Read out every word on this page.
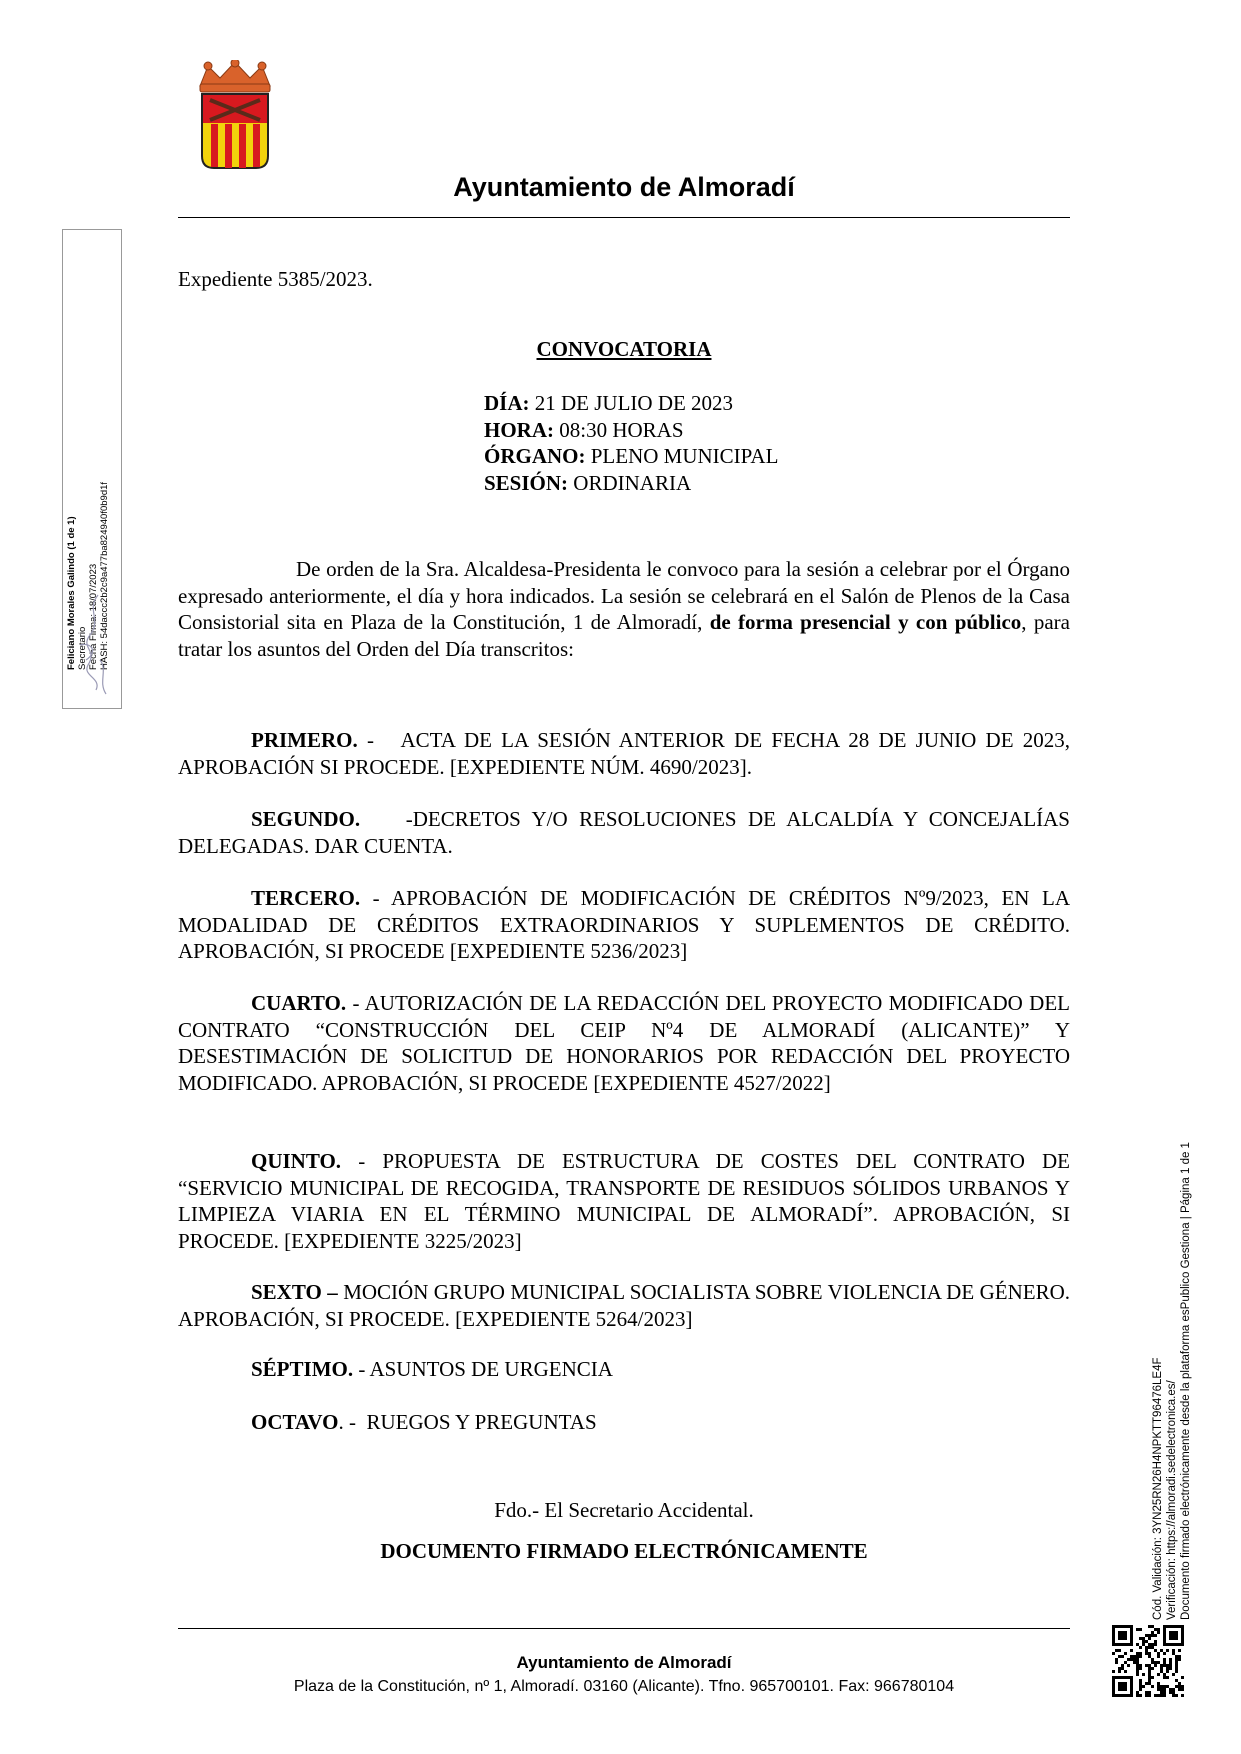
Ayuntamiento de Almoradí
Feliciano Morales Galindo (1 de 1) Secretario Fecha Firma: 18/07/2023 HASH: 54daccc2b2c9a477ba824940f0b9d1f
Expediente 5385/2023.
CONVOCATORIA
DÍA: 21 DE JULIO DE 2023
HORA: 08:30 HORAS
ÓRGANO: PLENO MUNICIPAL
SESIÓN: ORDINARIA
De orden de la Sra. Alcaldesa-Presidenta le convoco para la sesión a celebrar por el Órgano expresado anteriormente, el día y hora indicados. La sesión se celebrará en el Salón de Plenos de la Casa Consistorial sita en Plaza de la Constitución, 1 de Almoradí, de forma presencial y con público, para tratar los asuntos del Orden del Día transcritos:
PRIMERO. -   ACTA DE LA SESIÓN ANTERIOR DE FECHA 28 DE JUNIO DE 2023, APROBACIÓN SI PROCEDE. [EXPEDIENTE NÚM. 4690/2023].
SEGUNDO.    -DECRETOS Y/O RESOLUCIONES DE ALCALDÍA Y CONCEJALÍAS DELEGADAS. DAR CUENTA.
TERCERO. - APROBACIÓN DE MODIFICACIÓN DE CRÉDITOS Nº9/2023, EN LA MODALIDAD DE CRÉDITOS EXTRAORDINARIOS Y SUPLEMENTOS DE CRÉDITO. APROBACIÓN, SI PROCEDE [EXPEDIENTE 5236/2023]
CUARTO. - AUTORIZACIÓN DE LA REDACCIÓN DEL PROYECTO MODIFICADO DEL CONTRATO “CONSTRUCCIÓN DEL CEIP Nº4 DE ALMORADÍ (ALICANTE)” Y DESESTIMACIÓN DE SOLICITUD DE HONORARIOS POR REDACCIÓN DEL PROYECTO MODIFICADO. APROBACIÓN, SI PROCEDE [EXPEDIENTE 4527/2022]
QUINTO. - PROPUESTA DE ESTRUCTURA DE COSTES DEL CONTRATO DE “SERVICIO MUNICIPAL DE RECOGIDA, TRANSPORTE DE RESIDUOS SÓLIDOS URBANOS Y LIMPIEZA VIARIA EN EL TÉRMINO MUNICIPAL DE ALMORADÍ”. APROBACIÓN, SI PROCEDE. [EXPEDIENTE 3225/2023]
SEXTO – MOCIÓN GRUPO MUNICIPAL SOCIALISTA SOBRE VIOLENCIA DE GÉNERO. APROBACIÓN, SI PROCEDE. [EXPEDIENTE 5264/2023]
SÉPTIMO. - ASUNTOS DE URGENCIA
OCTAVO. -  RUEGOS Y PREGUNTAS
Fdo.- El Secretario Accidental.
DOCUMENTO FIRMADO ELECTRÓNICAMENTE
Ayuntamiento de Almoradí
Plaza de la Constitución, nº 1, Almoradí. 03160 (Alicante). Tfno. 965700101. Fax: 966780104
Cód. Validación: 3YN25RN26H4NPKTT96476LE4F Verificación: https://almoradi.sedelectronica.es/ Documento firmado electrónicamente desde la plataforma esPublico Gestiona | Página 1 de 1
